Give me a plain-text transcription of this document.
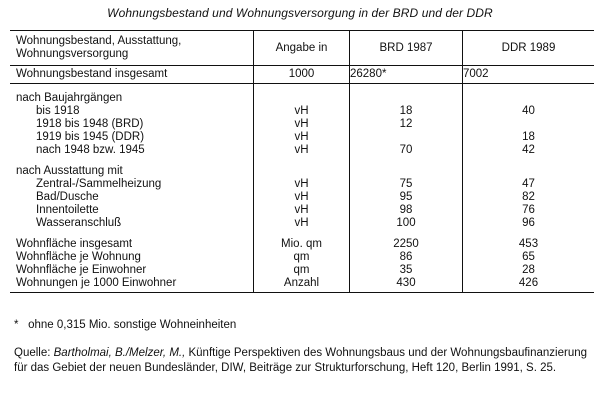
Wohnungsbestand und Wohnungsversorgung in der BRD und der DDR
Wohnungsbestand, Ausstattung,
Wohnungsversorgung	Angabe in	BRD 1987	DDR 1989
Wohnungsbestand insgesamt	1000	26280*	7002
nach Baujahrgängen			
bis 1918	vH	18	40
1918 bis 1948 (BRD)	vH	12	
1919 bis 1945 (DDR)	vH		18
nach 1948 bzw. 1945	vH	70	42
nach Ausstattung mit			
Zentral-/Sammelheizung	vH	75	47
Bad/Dusche	vH	95	82
Innentoilette	vH	98	76
Wasseranschluß	vH	100	96
Wohnfläche insgesamt	Mio. qm	2250	453
Wohnfläche je Wohnung	qm	86	65
Wohnfläche je Einwohner	qm	35	28
Wohnungen je 1000 Einwohner	Anzahl	430	426
* ohne 0,315 Mio. sonstige Wohneinheiten
Quelle: Bartholmai, B./Melzer, M., Künftige Perspektiven des Wohnungsbaus und der Wohnungsbaufinanzierung für das Gebiet der neuen Bundesländer, DIW, Beiträge zur Strukturforschung, Heft 120, Berlin 1991, S. 25.
